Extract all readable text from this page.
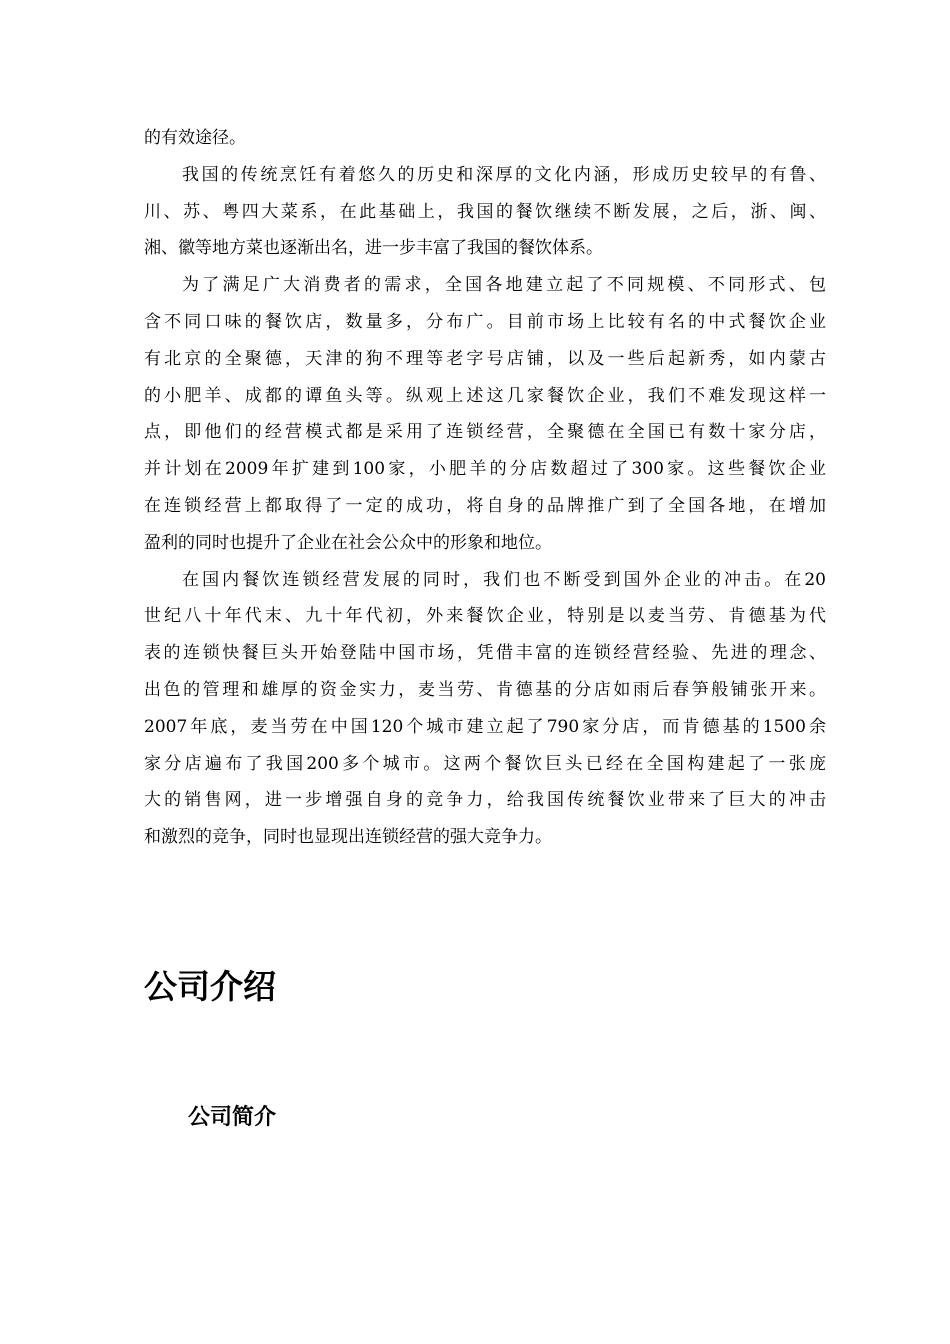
的有效途径。
我国的传统烹饪有着悠久的历史和深厚的文化内涵，形成历史较早的有鲁、
川、苏、粤四大菜系，在此基础上，我国的餐饮继续不断发展，之后，浙、闽、
湘、徽等地方菜也逐渐出名，进一步丰富了我国的餐饮体系。
为了满足广大消费者的需求，全国各地建立起了不同规模、不同形式、包
含不同口味的餐饮店，数量多，分布广。目前市场上比较有名的中式餐饮企业
有北京的全聚德，天津的狗不理等老字号店铺，以及一些后起新秀，如内蒙古
的小肥羊、成都的谭鱼头等。纵观上述这几家餐饮企业，我们不难发现这样一
点，即他们的经营模式都是采用了连锁经营，全聚德在全国已有数十家分店，
并计划在2009年扩建到100家，小肥羊的分店数超过了300家。这些餐饮企业
在连锁经营上都取得了一定的成功，将自身的品牌推广到了全国各地，在增加
盈利的同时也提升了企业在社会公众中的形象和地位。
在国内餐饮连锁经营发展的同时，我们也不断受到国外企业的冲击。在20
世纪八十年代末、九十年代初，外来餐饮企业，特别是以麦当劳、肯德基为代
表的连锁快餐巨头开始登陆中国市场，凭借丰富的连锁经营经验、先进的理念、
出色的管理和雄厚的资金实力，麦当劳、肯德基的分店如雨后春笋般铺张开来。
2007年底，麦当劳在中国120个城市建立起了790家分店，而肯德基的1500余
家分店遍布了我国200多个城市。这两个餐饮巨头已经在全国构建起了一张庞
大的销售网，进一步增强自身的竞争力，给我国传统餐饮业带来了巨大的冲击
和激烈的竞争，同时也显现出连锁经营的强大竞争力。
公司介绍
公司简介
